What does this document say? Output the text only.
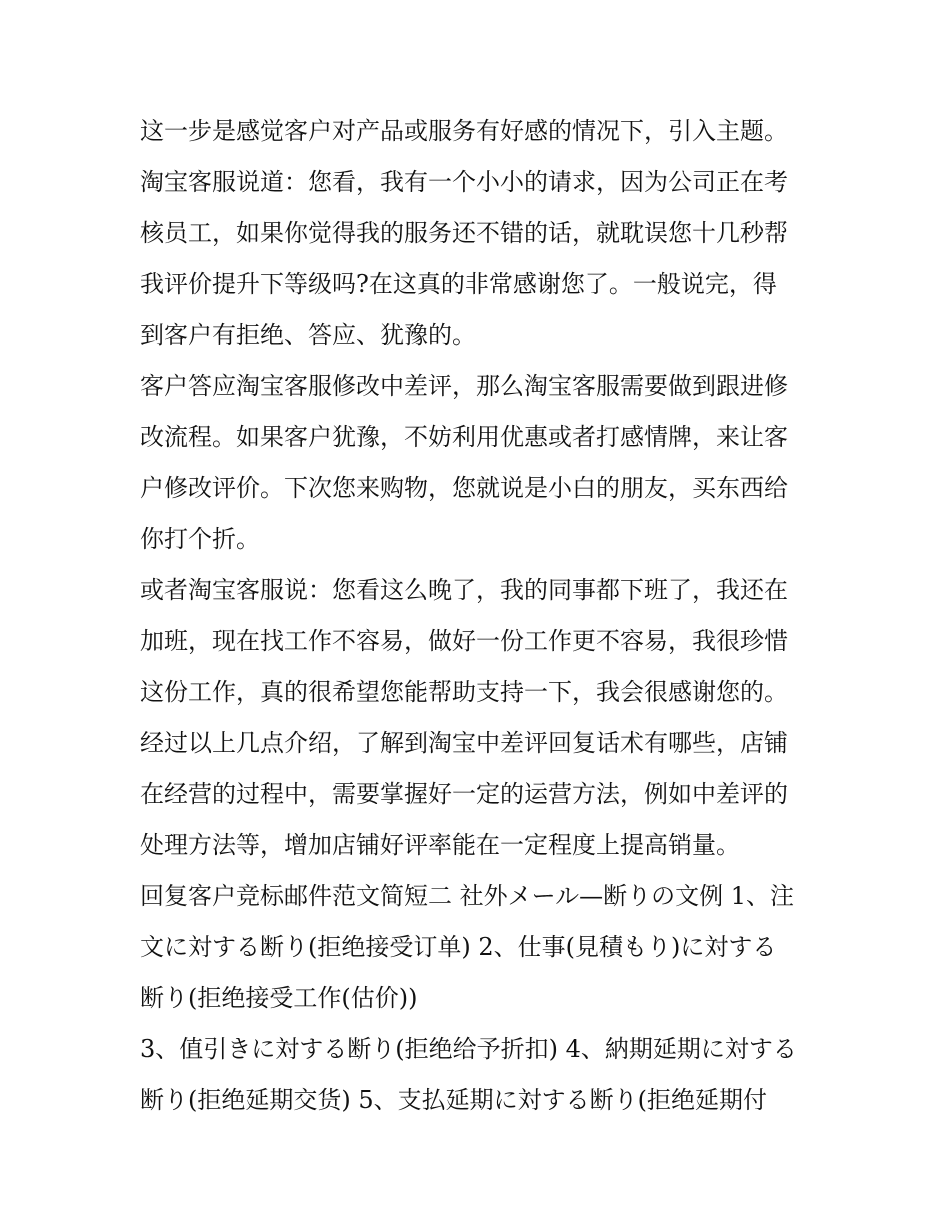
这一步是感觉客户对产品或服务有好感的情况下，引入主题。
淘宝客服说道：您看，我有一个小小的请求，因为公司正在考
核员工，如果你觉得我的服务还不错的话，就耽误您十几秒帮
我评价提升下等级吗?在这真的非常感谢您了。一般说完，得
到客户有拒绝、答应、犹豫的。
客户答应淘宝客服修改中差评，那么淘宝客服需要做到跟进修
改流程。如果客户犹豫，不妨利用优惠或者打感情牌，来让客
户修改评价。下次您来购物，您就说是小白的朋友，买东西给
你打个折。
或者淘宝客服说：您看这么晚了，我的同事都下班了，我还在
加班，现在找工作不容易，做好一份工作更不容易，我很珍惜
这份工作，真的很希望您能帮助支持一下，我会很感谢您的。
经过以上几点介绍，了解到淘宝中差评回复话术有哪些，店铺
在经营的过程中，需要掌握好一定的运营方法，例如中差评的
处理方法等，增加店铺好评率能在一定程度上提高销量。
回复客户竞标邮件范文简短二 社外メール—断りの文例 1、注
文に対する断り(拒绝接受订单) 2、仕事(見積もり)に対する
断り(拒绝接受工作(估价))
3、值引きに対する断り(拒绝给予折扣) 4、納期延期に対する
断り(拒绝延期交货) 5、支払延期に対する断り(拒绝延期付
